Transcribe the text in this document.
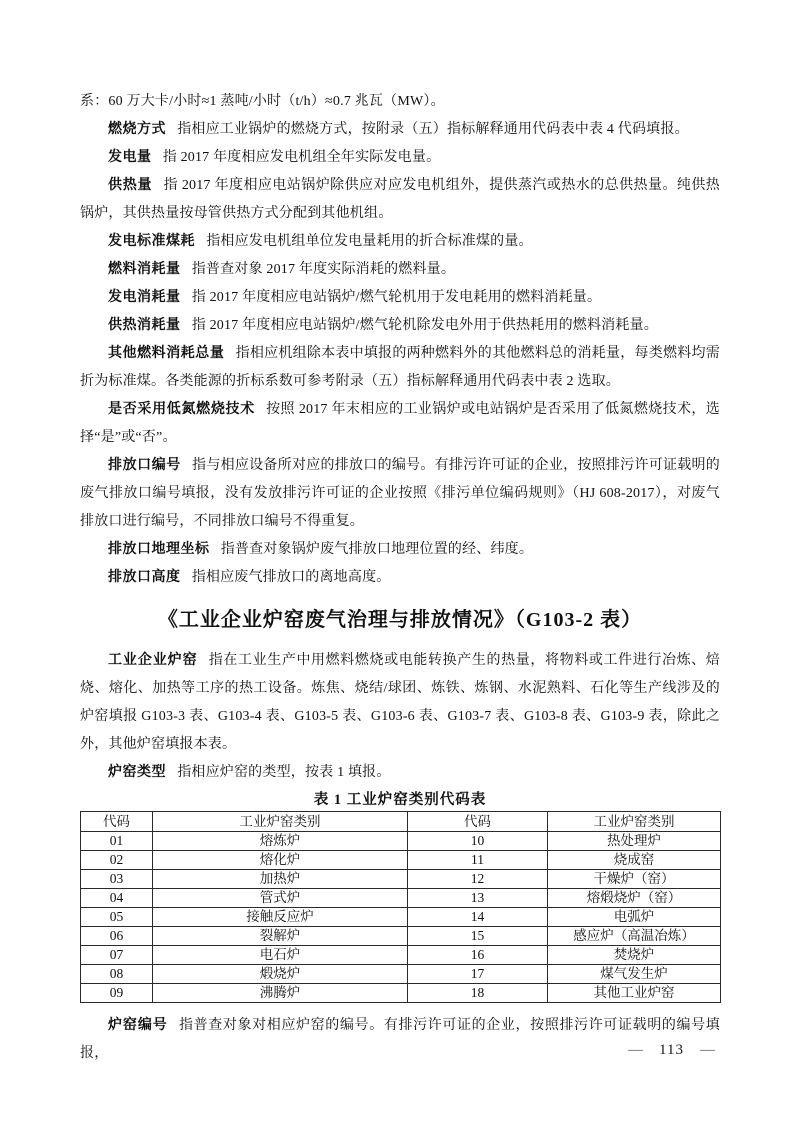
系：60 万大卡/小时≈1 蒸吨/小时（t/h）≈0.7 兆瓦（MW）。

燃烧方式 指相应工业锅炉的燃烧方式，按附录（五）指标解释通用代码表中表 4 代码填报。

发电量 指 2017 年度相应发电机组全年实际发电量。

供热量 指 2017 年度相应电站锅炉除供应对应发电机组外，提供蒸汽或热水的总供热量。纯供热锅炉，其供热量按母管供热方式分配到其他机组。

发电标准煤耗 指相应发电机组单位发电量耗用的折合标准煤的量。

燃料消耗量 指普查对象 2017 年度实际消耗的燃料量。

发电消耗量 指 2017 年度相应电站锅炉/燃气轮机用于发电耗用的燃料消耗量。

供热消耗量 指 2017 年度相应电站锅炉/燃气轮机除发电外用于供热耗用的燃料消耗量。

其他燃料消耗总量 指相应机组除本表中填报的两种燃料外的其他燃料总的消耗量，每类燃料均需折为标准煤。各类能源的折标系数可参考附录（五）指标解释通用代码表中表 2 选取。

是否采用低氮燃烧技术 按照 2017 年末相应的工业锅炉或电站锅炉是否采用了低氮燃烧技术，选择“是”或“否”。

排放口编号 指与相应设备所对应的排放口的编号。有排污许可证的企业，按照排污许可证载明的废气排放口编号填报，没有发放排污许可证的企业按照《排污单位编码规则》（HJ 608-2017），对废气排放口进行编号，不同排放口编号不得重复。

排放口地理坐标 指普查对象锅炉废气排放口地理位置的经、纬度。

排放口高度 指相应废气排放口的离地高度。

《工业企业炉窑废气治理与排放情况》（G103-2 表）

工业企业炉窑 指在工业生产中用燃料燃烧或电能转换产生的热量，将物料或工件进行冶炼、焙烧、熔化、加热等工序的热工设备。炼焦、烧结/球团、炼铁、炼钢、水泥熟料、石化等生产线涉及的炉窑填报 G103-3 表、G103-4 表、G103-5 表、G103-6 表、G103-7 表、G103-8 表、G103-9 表，除此之外，其他炉窑填报本表。

炉窑类型 指相应炉窑的类型，按表 1 填报。

表 1 工业炉窑类别代码表
代码	工业炉窑类别	代码	工业炉窑类别
01	熔炼炉	10	热处理炉
02	熔化炉	11	烧成窑
03	加热炉	12	干燥炉（窑）
04	管式炉	13	熔煅烧炉（窑）
05	接触反应炉	14	电弧炉
06	裂解炉	15	感应炉（高温冶炼）
07	电石炉	16	焚烧炉
08	煅烧炉	17	煤气发生炉
09	沸腾炉	18	其他工业炉窑

炉窑编号 指普查对象对相应炉窑的编号。有排污许可证的企业，按照排污许可证载明的编号填报，	— 113 —
